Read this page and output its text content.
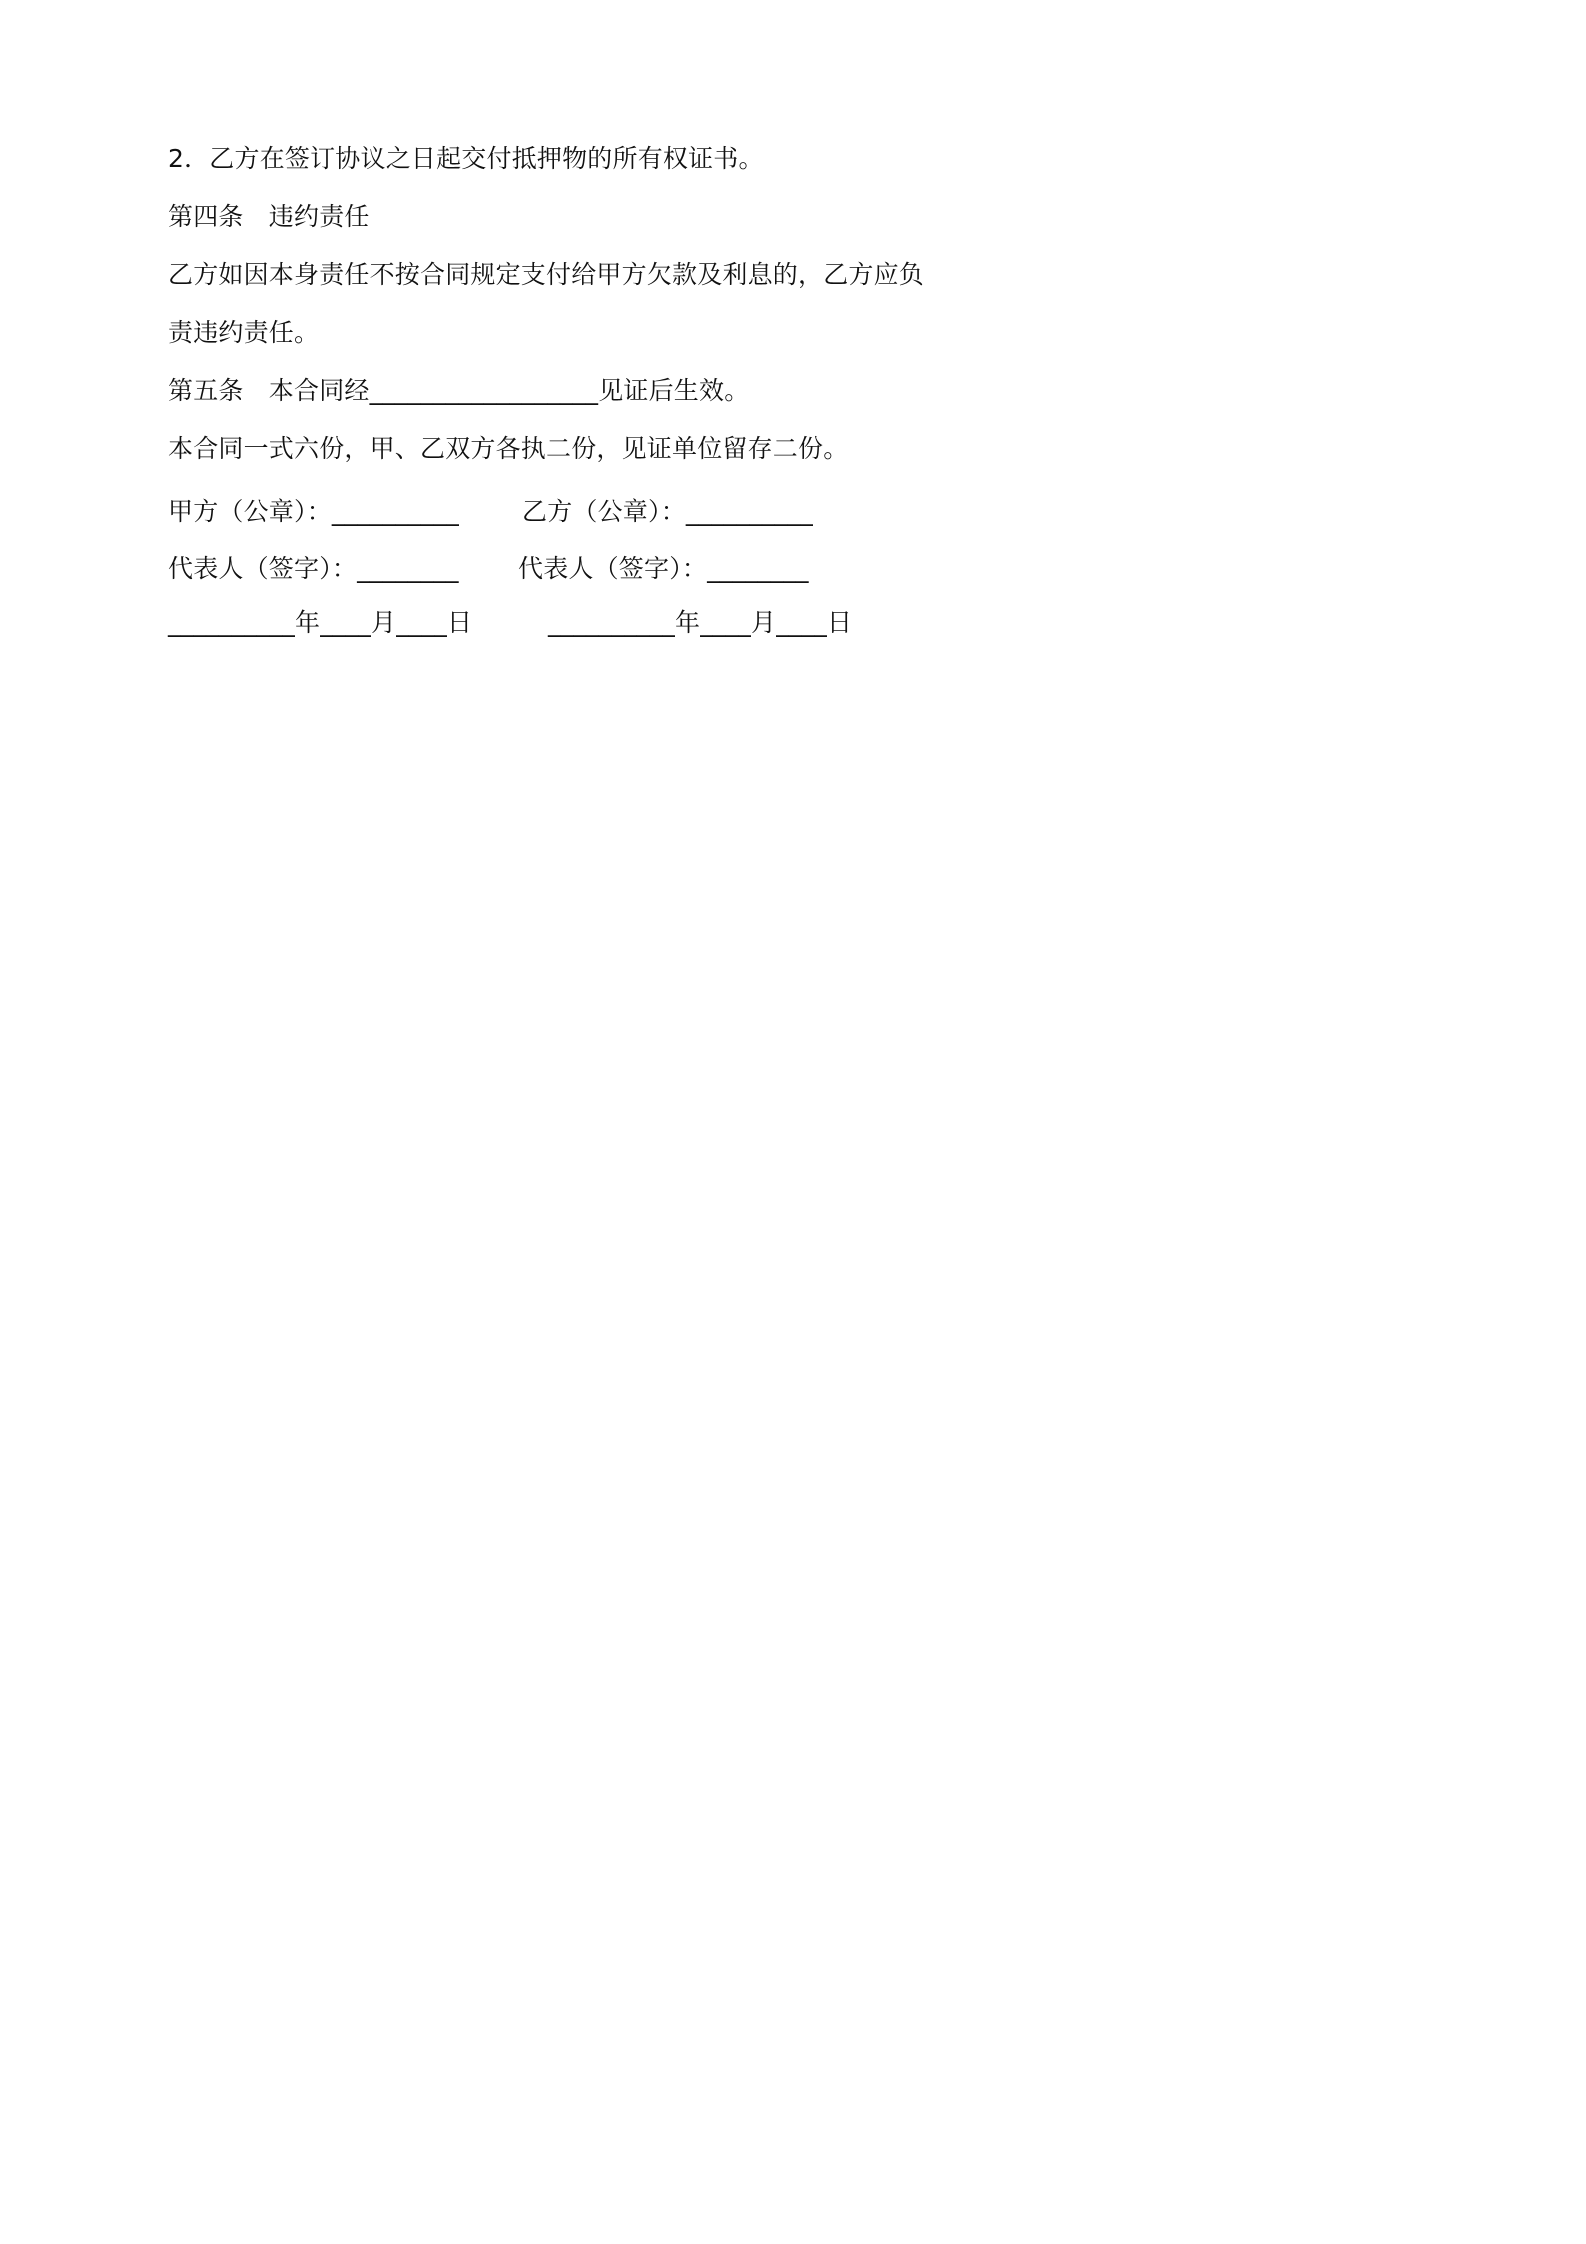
2．乙方在签订协议之日起交付抵押物的所有权证书。
第四条　违约责任
乙方如因本身责任不按合同规定支付给甲方欠款及利息的，乙方应负
责违约责任。
第五条　本合同经__________________见证后生效。
本合同一式六份，甲、乙双方各执二份，见证单位留存二份。
甲方（公章）：__________
代表人（签字）：________
__________年____月____日
乙方（公章）：__________
代表人（签字）：________
__________年____月____日
